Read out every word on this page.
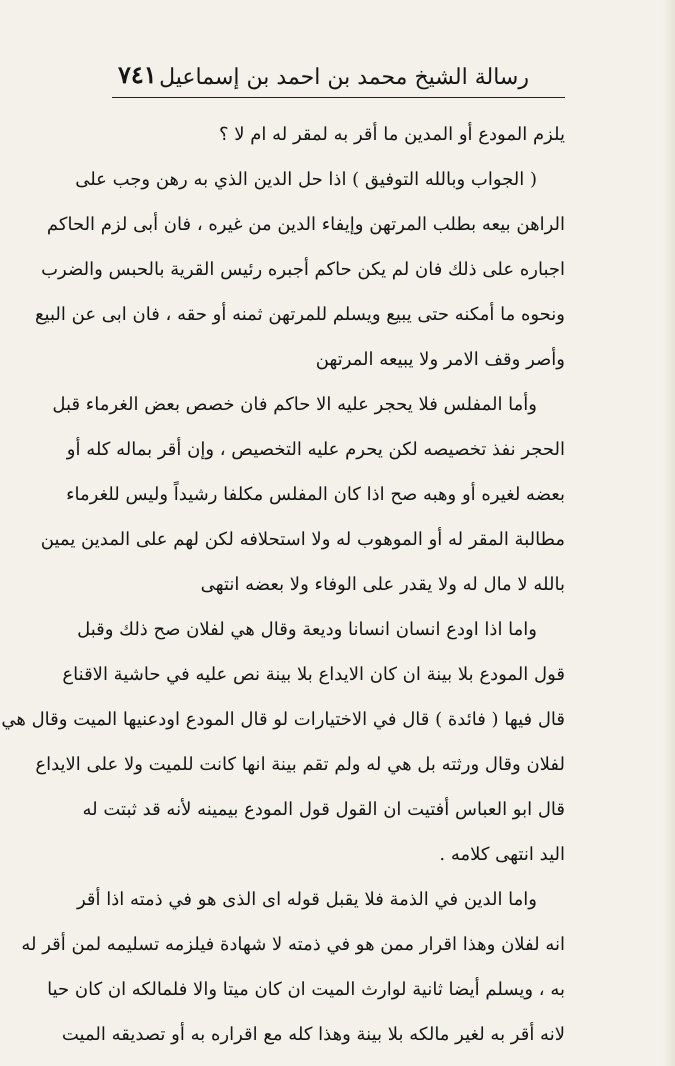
رسالة الشيخ محمد بن احمد بن إسماعيل
٧٤١
يلزم المودع أو المدين ما أقر به لمقر له ام لا ؟
( الجواب وبالله التوفيق ) اذا حل الدين الذي به رهن وجب على
الراهن بيعه بطلب المرتهن وإيفاء الدين من غيره ، فان أبى لزم الحاكم
اجباره على ذلك فان لم يكن حاكم أجبره رئيس القرية بالحبس والضرب
ونحوه ما أمكنه حتى يبيع ويسلم للمرتهن ثمنه أو حقه ، فان ابى عن البيع
وأصر وقف الامر ولا يبيعه المرتهن
وأما المفلس فلا يحجر عليه الا حاكم فان خصص بعض الغرماء قبل
الحجر نفذ تخصيصه لكن يحرم عليه التخصيص ، وإن أقر بماله كله أو
بعضه لغيره أو وهبه صح اذا كان المفلس مكلفا رشيداً وليس للغرماء
مطالبة المقر له أو الموهوب له ولا استحلافه لكن لهم على المدين يمين
بالله لا مال له ولا يقدر على الوفاء ولا بعضه انتهى
واما اذا اودع انسان انسانا وديعة وقال هي لفلان صح ذلك وقبل
قول المودع بلا بينة ان كان الايداع بلا بينة نص عليه في حاشية الاقناع
قال فيها ( فائدة ) قال في الاختيارات لو قال المودع اودعنيها الميت وقال هي
لفلان وقال ورثته بل هي له ولم تقم بينة انها كانت للميت ولا على الايداع
قال ابو العباس أفتيت ان القول قول المودع بيمينه لأنه قد ثبتت له
اليد انتهى كلامه .
واما الدين في الذمة فلا يقبل قوله اى الذى هو في ذمته اذا أقر
انه لفلان وهذا اقرار ممن هو في ذمته لا شهادة فيلزمه تسليمه لمن أقر له
به ، ويسلم أيضا ثانية لوارث الميت ان كان ميتا والا فلمالكه ان كان حيا
لانه أقر به لغير مالكه بلا بينة وهذا كله مع اقراره به أو تصديقه الميت
